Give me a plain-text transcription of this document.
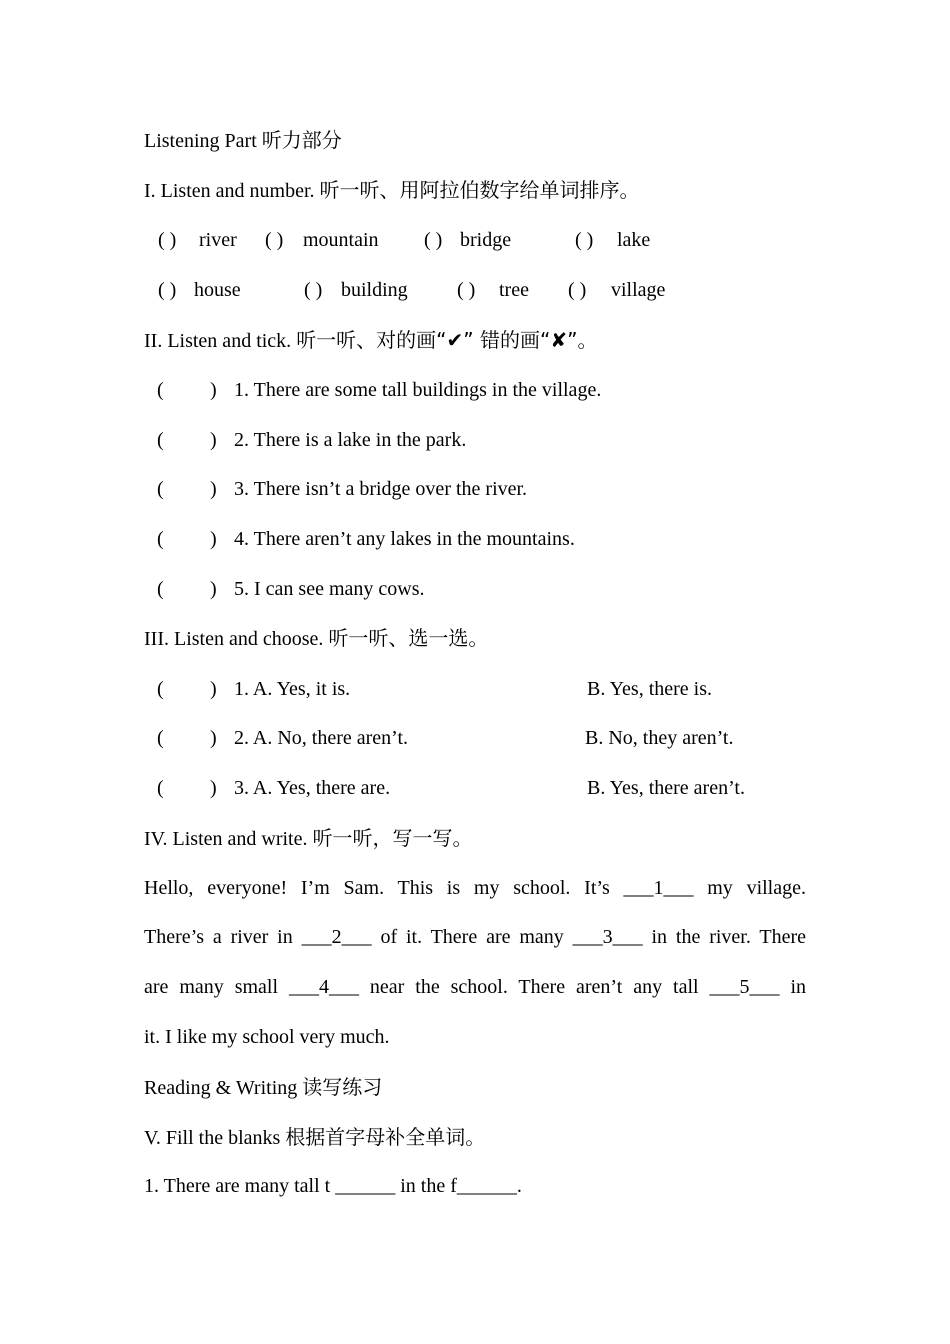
Listening Part 听力部分
I. Listen and number. 听一听、用阿拉伯数字给单词排序。
( ) river ( ) mountain ( ) bridge	( ) lake
( ) house	( ) building ( ) tree ( ) village
II. Listen and tick. 听一听、对的画“✔” 错的画“✘”。
( ) 1. There are some tall buildings in the village.
( ) 2. There is a lake in the park.
( ) 3. There isn’t a bridge over the river.
( ) 4. There aren’t any lakes in the mountains.
( ) 5. I can see many cows.
III. Listen and choose. 听一听、选一选。
( ) 1. A. Yes, it is.	B. Yes, there is.
( ) 2. A. No, there aren’t.	B. No, they aren’t.
( ) 3. A. Yes, there are.	B. Yes, there aren’t.
IV. Listen and write. 听一听，写一写。
Hello, everyone! I’m Sam. This is my school. It’s ___1___ my village.
There’s a river in ___2___ of it. There are many ___3___ in the river. There
are many small ___4___ near the school. There aren’t any tall ___5___ in
it. I like my school very much.
Reading & Writing 读写练习
V. Fill the blanks 根据首字母补全单词。
1. There are many tall t ______ in the f______.
